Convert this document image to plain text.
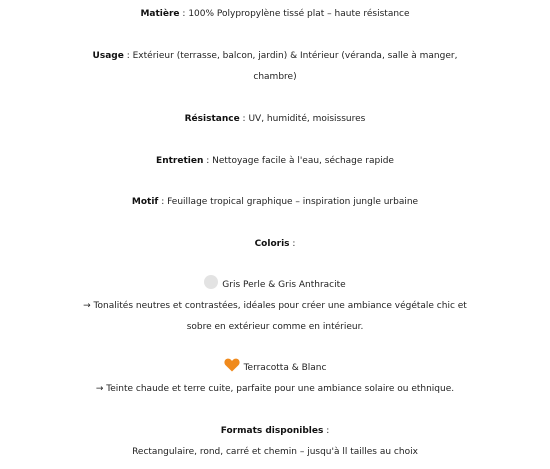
Matière : 100% Polypropylène tissé plat – haute résistance
Usage : Extérieur (terrasse, balcon, jardin) & Intérieur (véranda, salle à manger,
chambre)
Résistance : UV, humidité, moisissures
Entretien : Nettoyage facile à l'eau, séchage rapide
Motif : Feuillage tropical graphique – inspiration jungle urbaine
Coloris :
Gris Perle & Gris Anthracite
→ Tonalités neutres et contrastées, idéales pour créer une ambiance végétale chic et
sobre en extérieur comme en intérieur.
Terracotta & Blanc
→ Teinte chaude et terre cuite, parfaite pour une ambiance solaire ou ethnique.
Formats disponibles :
Rectangulaire, rond, carré et chemin – jusqu'à ll tailles au choix
